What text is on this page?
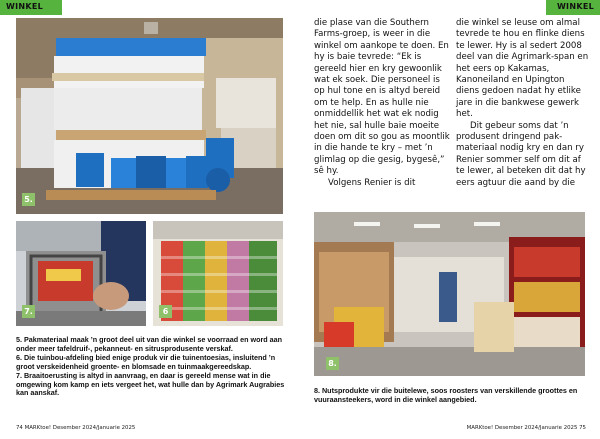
WINKEL
5.
7.	6

5. Pakmateriaal maak ’n groot deel uit van die winkel se voorraad en word aan onder meer tafeldruif-, pekanneut- en sitrusprodusente verskaf.

6. Die tuinbou-afdeling bied enige produk vir die tuinentoesias, insluitend ’n groot verskeidenheid groente- en blomsade en tuinmaakgereedskap.

7. Braaitoerusting is altyd in aanvraag, en daar is gereeld mense wat in die omgewing kom kamp en iets vergeet het, wat hulle dan by Agrimark Augrabies kan aanskaf.

74 MARKtoe! Desember 2024/Januarie 2025
WINKEL

die plase van die Southern Farms-groep, is weer in die winkel om aankope te doen. En hy is baie tevrede: “Ek is gereeld hier en kry gewoonlik wat ek soek. Die personeel is op hul tone en is altyd bereid om te help. En as hulle nie onmiddellik het wat ek nodig het nie, sal hulle baie moeite doen om dit so gou as moontlik in die hande te kry – met ’n glimlag op die gesig, bygesê,” sê hy.

Volgens Renier is dit

die winkel se leuse om almal tevrede te hou en flinke diens te lewer. Hy is al sedert 2008 deel van die Agrimark-span en het eers op Kakamas, Kanoneiland en Upington diens gedoen nadat hy etlike jare in die bankwese gewerk het.

Dit gebeur soms dat ’n produsent dringend pak-materiaal nodig kry en dan ry Renier sommer self om dit af te lewer, al beteken dit dat hy eers agtuur die aand by die

8.

8. Nutsprodukte vir die buitelewe, soos roosters van verskillende groottes en vuuraansteekers, word in die winkel aangebied.

MARKtoe! Desember 2024/Januarie 2025 75
